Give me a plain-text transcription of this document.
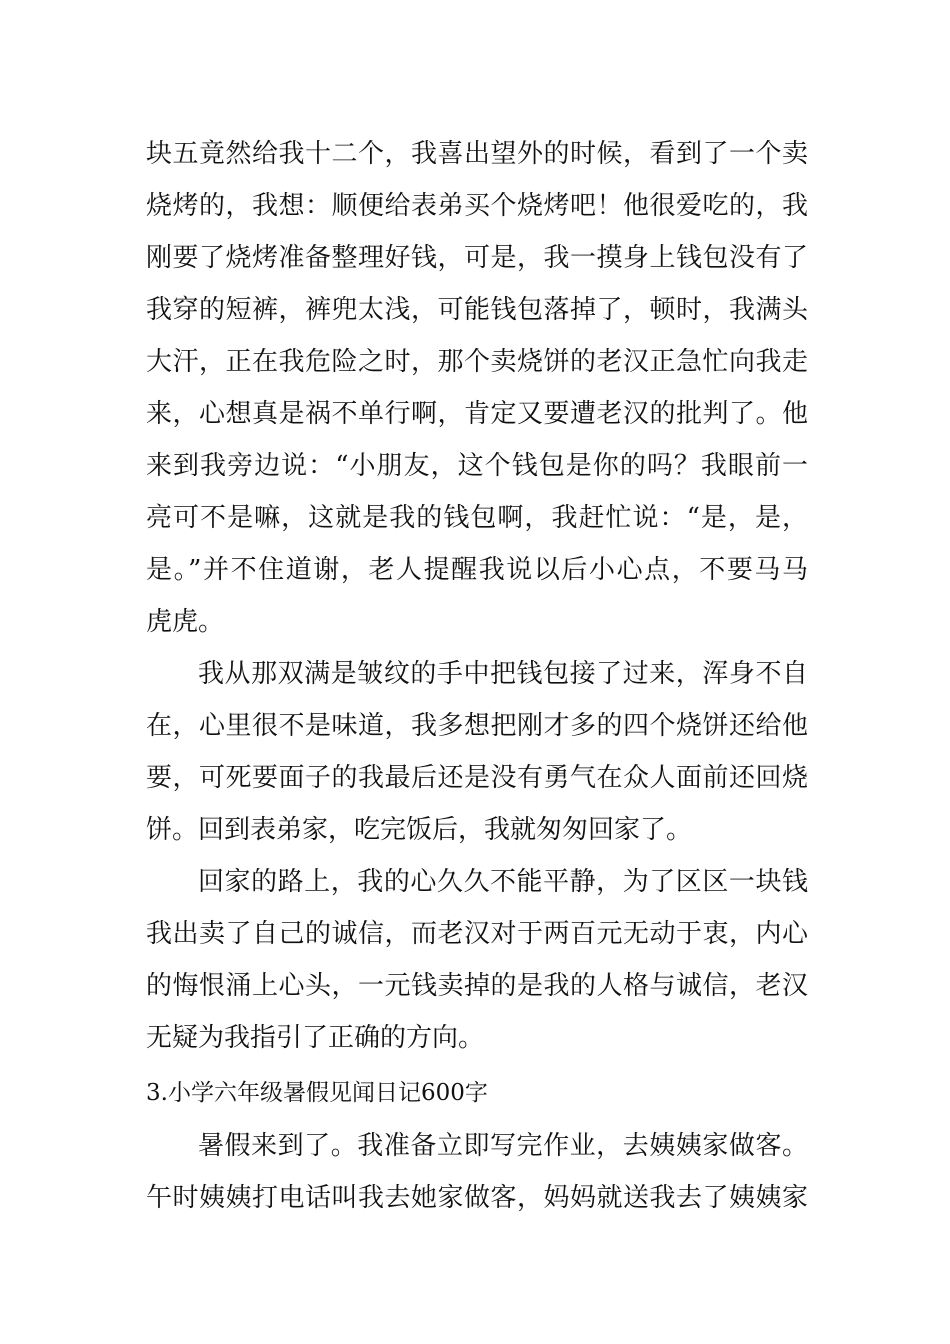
块五竟然给我十二个，我喜出望外的时候，看到了一个卖
烧烤的，我想：顺便给表弟买个烧烤吧！他很爱吃的，我
刚要了烧烤准备整理好钱，可是，我一摸身上钱包没有了
我穿的短裤，裤兜太浅，可能钱包落掉了，顿时，我满头
大汗，正在我危险之时，那个卖烧饼的老汉正急忙向我走
来，心想真是祸不单行啊，肯定又要遭老汉的批判了。他
来到我旁边说：“小朋友，这个钱包是你的吗？我眼前一
亮可不是嘛，这就是我的钱包啊，我赶忙说：“是，是，
是。”并不住道谢，老人提醒我说以后小心点，不要马马
虎虎。
我从那双满是皱纹的手中把钱包接了过来，浑身不自
在，心里很不是味道，我多想把刚才多的四个烧饼还给他
要，可死要面子的我最后还是没有勇气在众人面前还回烧
饼。回到表弟家，吃完饭后，我就匆匆回家了。
回家的路上，我的心久久不能平静，为了区区一块钱
我出卖了自己的诚信，而老汉对于两百元无动于衷，内心
的悔恨涌上心头，一元钱卖掉的是我的人格与诚信，老汉
无疑为我指引了正确的方向。
3.小学六年级暑假见闻日记600字
暑假来到了。我准备立即写完作业，去姨姨家做客。
午时姨姨打电话叫我去她家做客，妈妈就送我去了姨姨家
